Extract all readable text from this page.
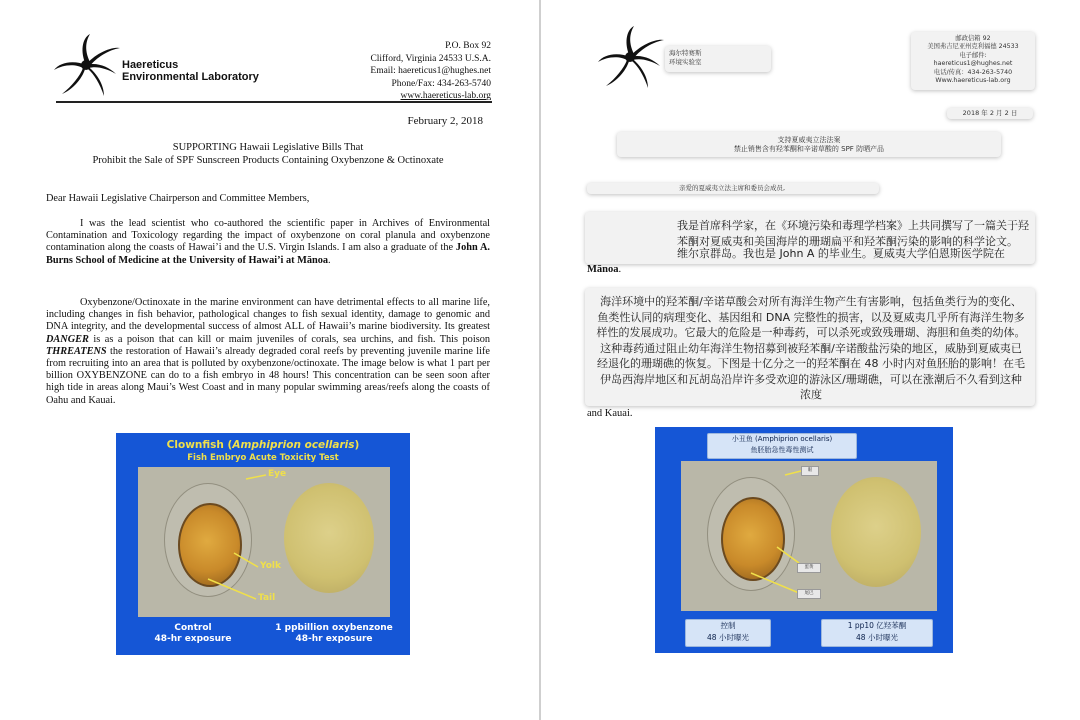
Haereticus
Environmental Laboratory
P.O. Box 92
Clifford, Virginia 24533 U.S.A.
Email: haereticus1@hughes.net
Phone/Fax: 434-263-5740
www.haereticus-lab.org
February 2, 2018
SUPPORTING Hawaii Legislative Bills That
Prohibit the Sale of SPF Sunscreen Products Containing Oxybenzone & Octinoxate
Dear Hawaii Legislative Chairperson and Committee Members,
I was the lead scientist who co-authored the scientific paper in Archives of Environmental Contamination and Toxicology regarding the impact of oxybenzone on coral planula and oxybenzone contamination along the coasts of Hawai’i and the U.S. Virgin Islands. I am also a graduate of the John A. Burns School of Medicine at the University of Hawai’i at Mānoa.
Oxybenzone/Octinoxate in the marine environment can have detrimental effects to all marine life, including changes in fish behavior, pathological changes to fish sexual identity, damage to genomic and DNA integrity, and the developmental success of almost ALL of Hawaii’s marine biodiversity. Its greatest DANGER is as a poison that can kill or maim juveniles of corals, sea urchins, and fish. This poison THREATENS the restoration of Hawaii’s already degraded coral reefs by preventing juvenile marine life from recruiting into an area that is polluted by oxybenzone/octinoxate. The image below is what 1 part per billion OXYBENZONE can do to a fish embryo in 48 hours! This concentration can be seen soon after high tide in areas along Maui’s West Coast and in many popular swimming areas/reefs along the coasts of Oahu and Kauai.
Clownfish (Amphiprion ocellaris)
Fish Embryo Acute Toxicity Test
Eye
Yolk
Tail
Control
48-hr exposure
1 ppbillion oxybenzone
48-hr exposure
海尔特赛斯
环境实验室
邮政信箱 92
美国弗吉尼亚州克利福德 24533
电子邮件:
haereticus1@hughes.net
电话/传真：434-263-5740
Www.haereticus-lab.org
2018 年 2 月 2 日
支持夏威夷立法法案
禁止销售含有羟苯酮和辛诺草酸的 SPF 防晒产品
亲爱的夏威夷立法主席和委员会成员,
我是首席科学家，在《环境污染和毒理学档案》上共同撰写了一篇关于羟苯酮对夏威夷和美国海岸的珊瑚扁平和羟苯酮污染的影响的科学论文。
维尔京群岛。我也是 John A 的毕业生。夏威夷大学伯恩斯医学院在
Mānoa.
海洋环境中的羟苯酮/辛诺草酸会对所有海洋生物产生有害影响，包括鱼类行为的变化、鱼类性认同的病理变化、基因组和 DNA 完整性的损害，以及夏威夷几乎所有海洋生物多样性的发展成功。它最大的危险是一种毒药，可以杀死或致残珊瑚、海胆和鱼类的幼体。这种毒药通过阻止幼年海洋生物招募到被羟苯酮/辛诺酸盐污染的地区，威胁到夏威夷已经退化的珊瑚礁的恢复。下图是十亿分之一的羟苯酮在 48 小时内对鱼胚胎的影响！在毛伊岛西海岸地区和瓦胡岛沿岸许多受欢迎的游泳区/珊瑚礁，可以在涨潮后不久看到这种浓度
and Kauai.
小丑鱼 (Amphiprion ocellaris)
鱼胚胎急性毒性测试
眼
蛋黄
尾巴
控制
48 小时曝光
1 pp10 亿羟苯酮
48 小时曝光
